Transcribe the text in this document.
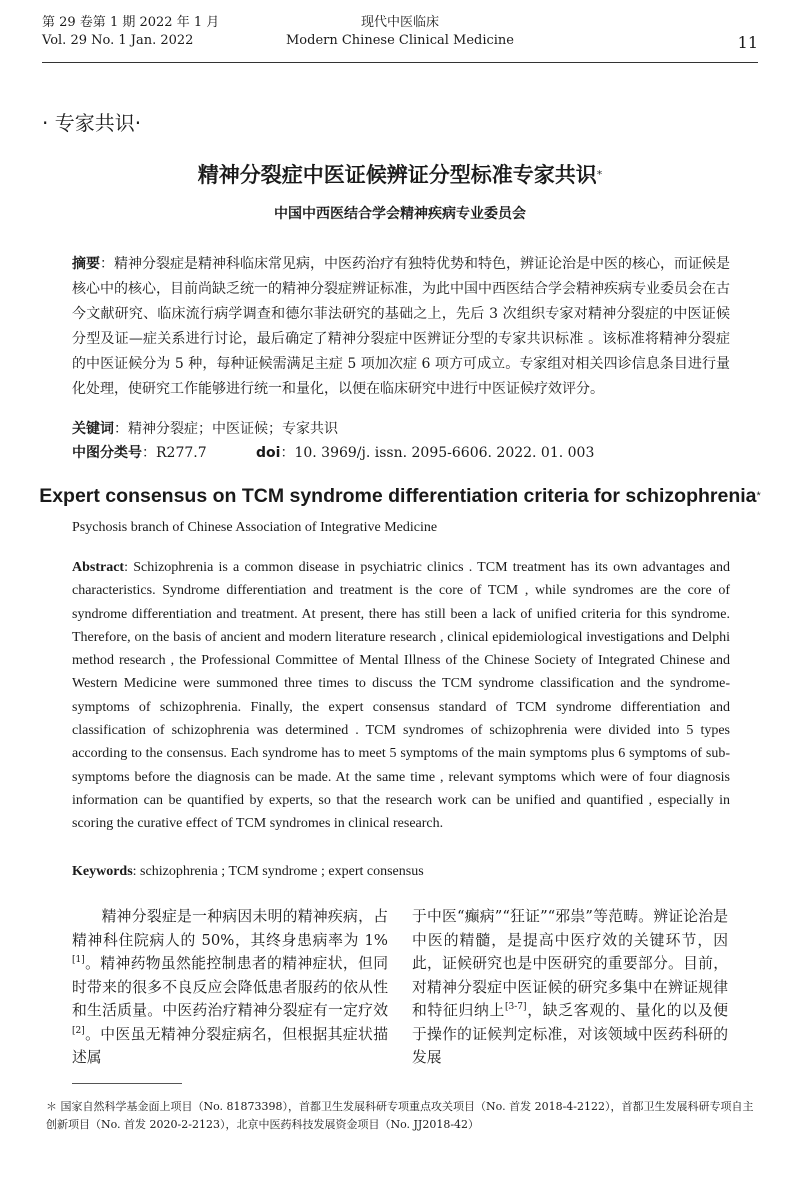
第 29 卷第 1 期 2022 年 1 月
Vol. 29 No. 1 Jan. 2022
现代中医临床
Modern Chinese Clinical Medicine	11
· 专家共识·
精神分裂症中医证候辨证分型标准专家共识*
中国中西医结合学会精神疾病专业委员会
摘要：精神分裂症是精神科临床常见病，中医药治疗有独特优势和特色，辨证论治是中医的核心，而证候是核心中的核心，目前尚缺乏统一的精神分裂症辨证标准，为此中国中西医结合学会精神疾病专业委员会在古今文献研究、临床流行病学调查和德尔菲法研究的基础之上，先后 3 次组织专家对精神分裂症的中医证候分型及证—症关系进行讨论，最后确定了精神分裂症中医辨证分型的专家共识标准 。该标准将精神分裂症的中医证候分为 5 种，每种证候需满足主症 5 项加次症 6 项方可成立。专家组对相关四诊信息条目进行量化处理，使研究工作能够进行统一和量化，以便在临床研究中进行中医证候疗效评分。
关键词：精神分裂症；中医证候；专家共识
中图分类号：R277.7	doi：10. 3969/j. issn. 2095-6606. 2022. 01. 003
Expert consensus on TCM syndrome differentiation criteria for schizophrenia*
Psychosis branch of Chinese Association of Integrative Medicine
Abstract: Schizophrenia is a common disease in psychiatric clinics . TCM treatment has its own advantages and characteristics. Syndrome differentiation and treatment is the core of TCM , while syndromes are the core of syndrome differentiation and treatment. At present, there has still been a lack of unified criteria for this syndrome. Therefore, on the basis of ancient and modern literature research , clinical epidemiological investigations and Delphi method research , the Professional Committee of Mental Illness of the Chinese Society of Integrated Chinese and Western Medicine were summoned three times to discuss the TCM syndrome classification and the syndrome-symptoms of schizophrenia. Finally, the expert consensus standard of TCM syndrome differentiation and classification of schizophrenia was determined . TCM syndromes of schizophrenia were divided into 5 types according to the consensus. Each syndrome has to meet 5 symptoms of the main symptoms plus 6 symptoms of sub-symptoms before the diagnosis can be made. At the same time , relevant symptoms which were of four diagnosis information can be quantified by experts, so that the research work can be unified and quantified , especially in scoring the curative effect of TCM syndromes in clinical research.
Keywords: schizophrenia ; TCM syndrome ; expert consensus

精神分裂症是一种病因未明的精神疾病，占精神科住院病人的 50%，其终身患病率为 1%[1]。精神药物虽然能控制患者的精神症状，但同时带来的很多不良反应会降低患者服药的依从性和生活质量。中医药治疗精神分裂症有一定疗效[2]。中医虽无精神分裂症病名，但根据其症状描述属

于中医“癫病”“狂证”“邪祟”等范畴。辨证论治是中医的精髓，是提高中医疗效的关键环节，因此，证候研究也是中医研究的重要部分。目前，对精神分裂症中医证候的研究多集中在辨证规律和特征归纳上[3-7]，缺乏客观的、量化的以及便于操作的证候判定标准，对该领域中医药科研的发展

＊ 国家自然科学基金面上项目（No. 81873398），首都卫生发展科研专项重点攻关项目（No. 首发 2018-4-2122），首都卫生发展科研专项自主创新项目（No. 首发 2020-2-2123），北京中医药科技发展资金项目（No. JJ2018-42）
